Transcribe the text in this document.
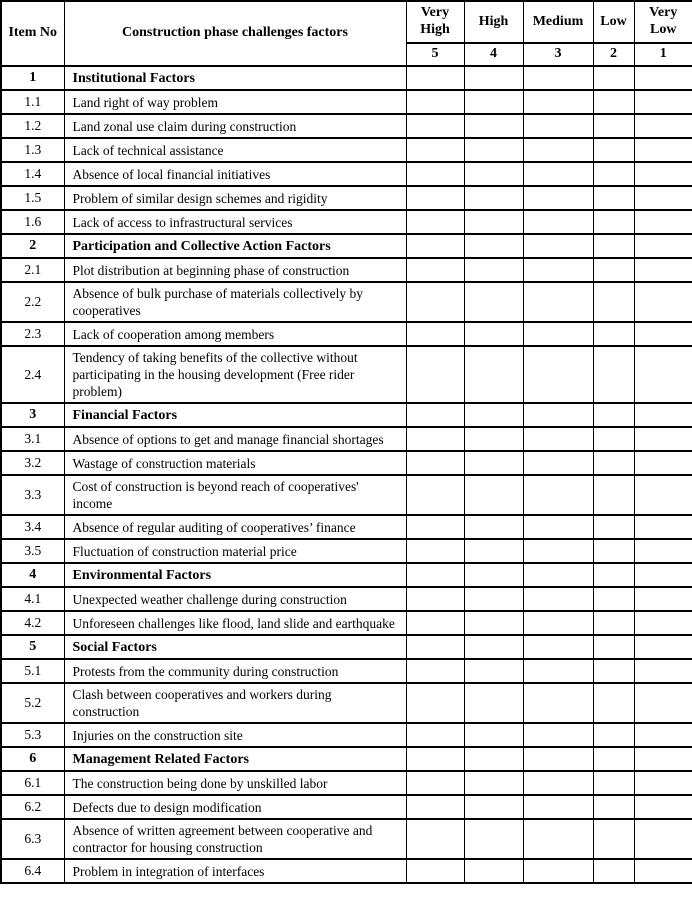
Item No	Construction phase challenges factors	Very High	High	Medium	Low	Very Low
		5	4	3	2	1
1	Institutional Factors					
1.1	Land right of way problem					
1.2	Land zonal use claim during construction					
1.3	Lack of technical assistance					
1.4	Absence of local financial initiatives					
1.5	Problem of similar design schemes and rigidity					
1.6	Lack of access to infrastructural services					
2	Participation and Collective Action Factors					
2.1	Plot distribution at beginning phase of construction					
2.2	Absence of bulk purchase of materials collectively by cooperatives					
2.3	Lack of cooperation among members					
2.4	Tendency of taking benefits of the collective without participating in the housing development (Free rider problem)					
3	Financial Factors					
3.1	Absence of options to get and manage financial shortages					
3.2	Wastage of construction materials					
3.3	Cost of construction is beyond reach of cooperatives' income					
3.4	Absence of regular auditing of cooperatives’ finance					
3.5	Fluctuation of construction material price					
4	Environmental Factors					
4.1	Unexpected weather challenge during construction					
4.2	Unforeseen challenges like flood, land slide and earthquake					
5	Social Factors					
5.1	Protests from the community during construction					
5.2	Clash between cooperatives and workers during construction					
5.3	Injuries on the construction site					
6	Management Related Factors					
6.1	The construction being done by unskilled labor					
6.2	Defects due to design modification					
6.3	Absence of written agreement between cooperative and contractor for housing construction					
6.4	Problem in integration of interfaces					
